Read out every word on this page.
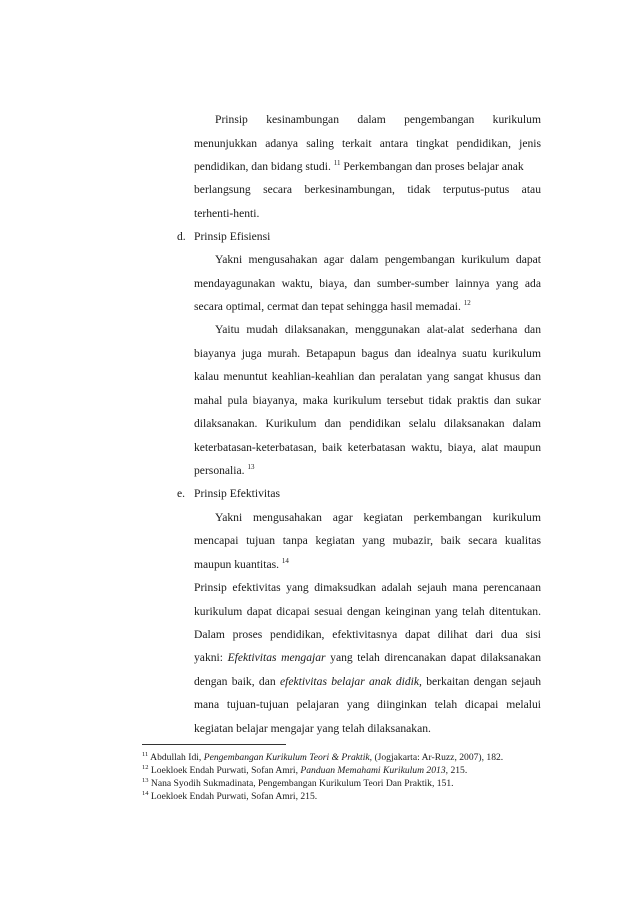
Prinsip kesinambungan dalam pengembangan kurikulum
menunjukkan adanya saling terkait antara tingkat pendidikan, jenis
pendidikan, dan bidang studi. $^{11}$ Perkembangan dan proses belajar anak
berlangsung secara berkesinambungan, tidak terputus-putus atau
terhenti-henti.
d. Prinsip Efisiensi
Yakni mengusahakan agar dalam pengembangan kurikulum dapat
mendayagunakan waktu, biaya, dan sumber-sumber lainnya yang ada
secara optimal, cermat dan tepat sehingga hasil memadai. $^{12}$
Yaitu mudah dilaksanakan, menggunakan alat-alat sederhana dan
biayanya juga murah. Betapapun bagus dan idealnya suatu kurikulum
kalau menuntut keahlian-keahlian dan peralatan yang sangat khusus dan
mahal pula biayanya, maka kurikulum tersebut tidak praktis dan sukar
dilaksanakan. Kurikulum dan pendidikan selalu dilaksanakan dalam
keterbatasan-keterbatasan, baik keterbatasan waktu, biaya, alat maupun
personalia. $^{13}$
e. Prinsip Efektivitas
Yakni mengusahakan agar kegiatan perkembangan kurikulum
mencapai tujuan tanpa kegiatan yang mubazir, baik secara kualitas
maupun kuantitas. $^{14}$
Prinsip efektivitas yang dimaksudkan adalah sejauh mana perencanaan
kurikulum dapat dicapai sesuai dengan keinginan yang telah ditentukan.
Dalam proses pendidikan, efektivitasnya dapat dilihat dari dua sisi
yakni: Efektivitas mengajar yang telah direncanakan dapat dilaksanakan
dengan baik, dan efektivitas belajar anak didik, berkaitan dengan sejauh
mana tujuan-tujuan pelajaran yang diinginkan telah dicapai melalui
kegiatan belajar mengajar yang telah dilaksanakan.
$^{11}$ Abdullah Idi, Pengembangan Kurikulum Teori & Praktik, (Jogjakarta: Ar-Ruzz, 2007), 182.
$^{12}$ Loekloek Endah Purwati, Sofan Amri, Panduan Memahami Kurikulum 2013, 215.
$^{13}$ Nana Syodih Sukmadinata, Pengembangan Kurikulum Teori Dan Praktik, 151.
$^{14}$ Loekloek Endah Purwati, Sofan Amri, 215.
